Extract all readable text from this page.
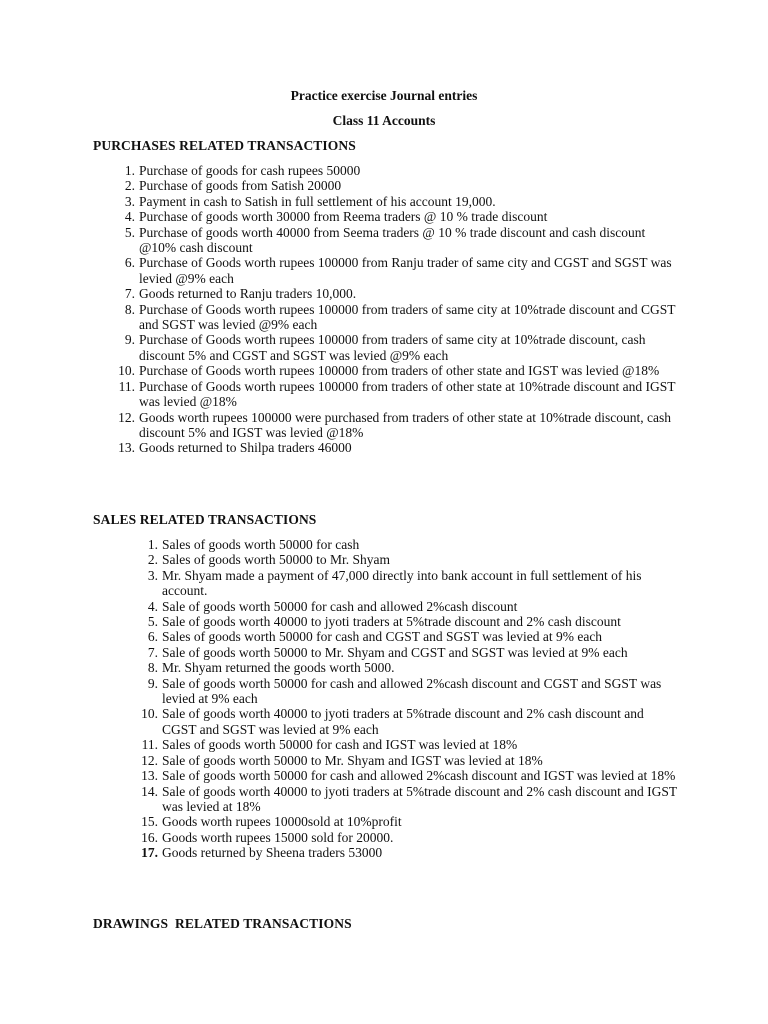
Practice exercise Journal entries
Class 11 Accounts
PURCHASES RELATED TRANSACTIONS
1. Purchase of goods for cash rupees 50000
2. Purchase of goods from Satish 20000
3. Payment in cash to Satish in full settlement of his account 19,000.
4. Purchase of goods worth 30000 from Reema traders @ 10 % trade discount
5. Purchase of goods worth 40000 from Seema traders @ 10 % trade discount and cash discount @10% cash discount
6. Purchase of Goods worth rupees 100000 from Ranju trader of same city and CGST and SGST was levied @9% each
7. Goods returned to Ranju traders 10,000.
8. Purchase of Goods worth rupees 100000 from traders of same city at 10%trade discount and CGST and SGST was levied @9% each
9. Purchase of Goods worth rupees 100000 from traders of same city at 10%trade discount, cash discount 5% and CGST and SGST was levied @9% each
10. Purchase of Goods worth rupees 100000 from traders of other state and IGST was levied @18%
11. Purchase of Goods worth rupees 100000 from traders of other state at 10%trade discount and IGST was levied @18%
12. Goods worth rupees 100000 were purchased from traders of other state at 10%trade discount, cash discount 5% and IGST was levied @18%
13. Goods returned to Shilpa traders 46000
SALES RELATED TRANSACTIONS
1. Sales of goods worth 50000 for cash
2. Sales of goods worth 50000 to Mr. Shyam
3. Mr. Shyam made a payment of 47,000 directly into bank account in full settlement of his account.
4. Sale of goods worth 50000 for cash and allowed 2%cash discount
5. Sale of goods worth 40000 to jyoti traders at 5%trade discount and 2% cash discount
6. Sales of goods worth 50000 for cash and CGST and SGST was levied at 9% each
7. Sale of goods worth 50000 to Mr. Shyam and CGST and SGST was levied at 9% each
8. Mr. Shyam returned the goods worth 5000.
9. Sale of goods worth 50000 for cash and allowed 2%cash discount and CGST and SGST was levied at 9% each
10. Sale of goods worth 40000 to jyoti traders at 5%trade discount and 2% cash discount and CGST and SGST was levied at 9% each
11. Sales of goods worth 50000 for cash and IGST was levied at 18%
12. Sale of goods worth 50000 to Mr. Shyam and IGST was levied at 18%
13. Sale of goods worth 50000 for cash and allowed 2%cash discount and IGST was levied at 18%
14. Sale of goods worth 40000 to jyoti traders at 5%trade discount and 2% cash discount and IGST was levied at 18%
15. Goods worth rupees 10000sold at 10%profit
16. Goods worth rupees 15000 sold for 20000.
17. Goods returned by Sheena traders 53000
DRAWINGS  RELATED TRANSACTIONS
